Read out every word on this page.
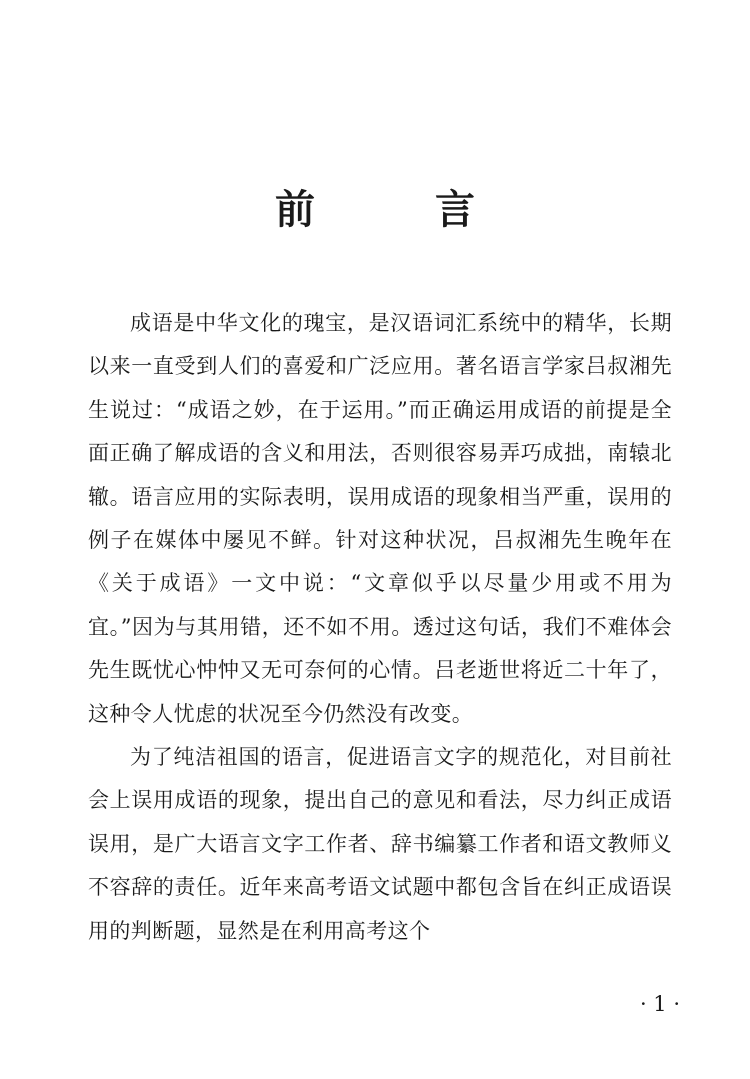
前　言

成语是中华文化的瑰宝，是汉语词汇系统中的精华，长期以来一直受到人们的喜爱和广泛应用。著名语言学家吕叔湘先生说过：“成语之妙，在于运用。”而正确运用成语的前提是全面正确了解成语的含义和用法，否则很容易弄巧成拙，南辕北辙。语言应用的实际表明，误用成语的现象相当严重，误用的例子在媒体中屡见不鲜。针对这种状况，吕叔湘先生晚年在《关于成语》一文中说：“文章似乎以尽量少用或不用为宜。”因为与其用错，还不如不用。透过这句话，我们不难体会先生既忧心忡忡又无可奈何的心情。吕老逝世将近二十年了，这种令人忧虑的状况至今仍然没有改变。

为了纯洁祖国的语言，促进语言文字的规范化，对目前社会上误用成语的现象，提出自己的意见和看法，尽力纠正成语误用，是广大语言文字工作者、辞书编纂工作者和语文教师义不容辞的责任。近年来高考语文试题中都包含旨在纠正成语误用的判断题，显然是在利用高考这个

· 1 ·
